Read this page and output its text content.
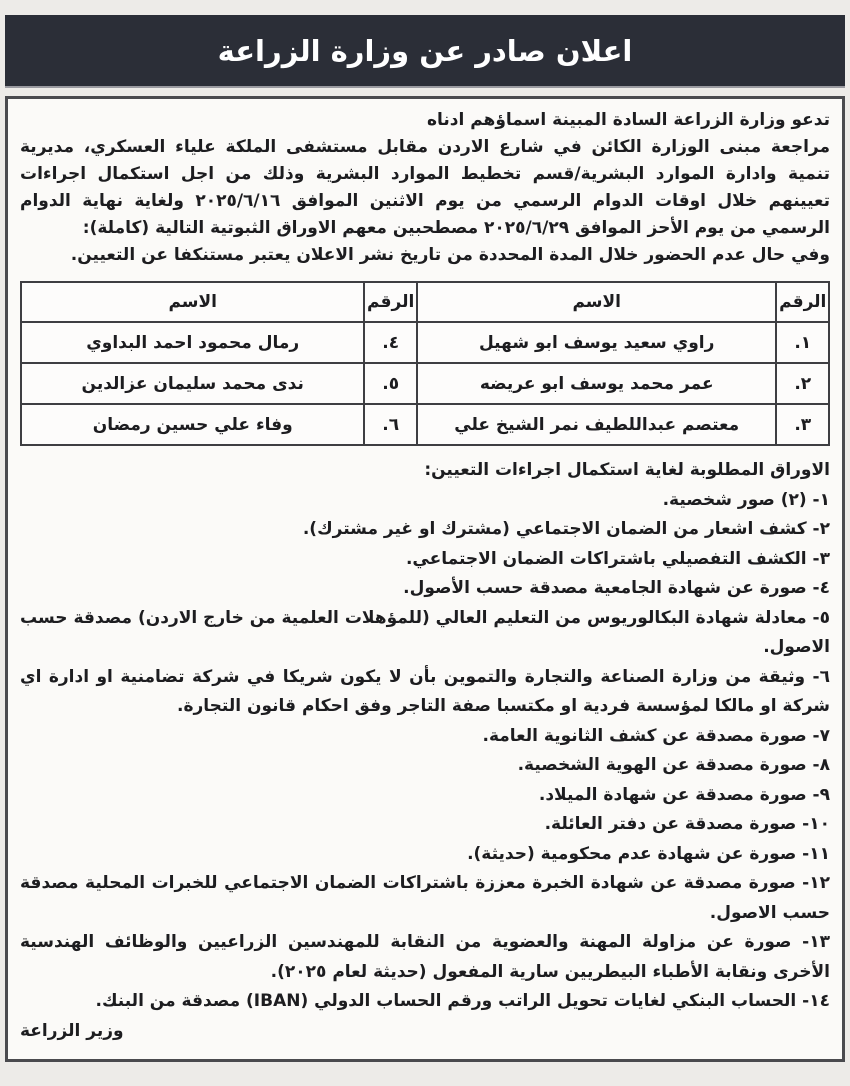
اعلان صادر عن وزارة الزراعة

تدعو وزارة الزراعة السادة المبينة اسماؤهم ادناه

مراجعة مبنى الوزارة الكائن في شارع الاردن مقابل مستشفى الملكة علياء العسكري، مديرية تنمية وادارة الموارد البشرية/قسم تخطيط الموارد البشرية وذلك من اجل استكمال اجراءات تعيينهم خلال اوقات الدوام الرسمي من يوم الاثنين الموافق ٢٠٢٥/٦/١٦ ولغاية نهاية الدوام الرسمي من يوم الأحز الموافق ٢٠٢٥/٦/٢٩ مصطحبين معهم الاوراق الثبوتية التالية (كاملة):

وفي حال عدم الحضور خلال المدة المحددة من تاريخ نشر الاعلان يعتبر مستنكفا عن التعيين.

الرقم	الاسم	الرقم	الاسم
١.	راوي سعيد يوسف ابو شهيل	٤.	رمال محمود احمد البداوي
٢.	عمر محمد يوسف ابو عريضه	٥.	ندى محمد سليمان عزالدين
٣.	معتصم عبداللطيف نمر الشيخ علي	٦.	وفاء علي حسين رمضان
الاوراق المطلوبة لغاية استكمال اجراءات التعيين:
١- (٢) صور شخصية.
٢- كشف اشعار من الضمان الاجتماعي (مشترك او غير مشترك).
٣- الكشف التفصيلي باشتراكات الضمان الاجتماعي.
٤- صورة عن شهادة الجامعية مصدقة حسب الأصول.
٥- معادلة شهادة البكالوريوس من التعليم العالي (للمؤهلات العلمية من خارج الاردن) مصدقة حسب الاصول.
٦- وثيقة من وزارة الصناعة والتجارة والتموين بأن لا يكون شريكا في شركة تضامنية او ادارة اي شركة او مالكا لمؤسسة فردية او مكتسبا صفة التاجر وفق احكام قانون التجارة.
٧- صورة مصدقة عن كشف الثانوية العامة.
٨- صورة مصدقة عن الهوية الشخصية.
٩- صورة مصدقة عن شهادة الميلاد.
١٠- صورة مصدقة عن دفتر العائلة.
١١- صورة عن شهادة عدم محكومية (حديثة).
١٢- صورة مصدقة عن شهادة الخبرة معززة باشتراكات الضمان الاجتماعي للخبرات المحلية مصدقة حسب الاصول.
١٣- صورة عن مزاولة المهنة والعضوية من النقابة للمهندسين الزراعيين والوظائف الهندسية الأخرى ونقابة الأطباء البيطريين سارية المفعول (حديثة لعام ٢٠٢٥).
١٤- الحساب البنكي لغايات تحويل الراتب ورقم الحساب الدولي (IBAN) مصدقة من البنك.
وزير الزراعة
